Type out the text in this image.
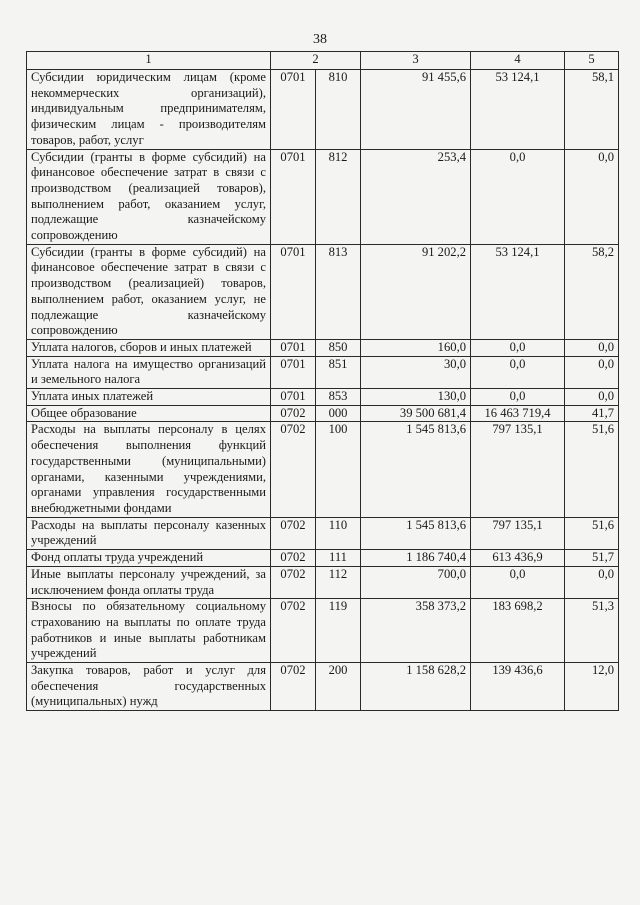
38
1	2		3	4	5
Субсидии юридическим лицам (кроме некоммерческих организаций), индивидуальным предпринимателям, физическим лицам - производителям товаров, работ, услуг	0701	810	91 455,6	53 124,1	58,1
Субсидии (гранты в форме субсидий) на финансовое обеспечение затрат в связи с производством (реализацией товаров), выполнением работ, оказанием услуг, подлежащие казначейскому сопровождению	0701	812	253,4	0,0	0,0
Субсидии (гранты в форме субсидий) на финансовое обеспечение затрат в связи с производством (реализацией) товаров, выполнением работ, оказанием услуг, не подлежащие казначейскому сопровождению	0701	813	91 202,2	53 124,1	58,2
Уплата налогов, сборов и иных платежей	0701	850	160,0	0,0	0,0
Уплата налога на имущество организаций и земельного налога	0701	851	30,0	0,0	0,0
Уплата иных платежей	0701	853	130,0	0,0	0,0
Общее образование	0702	000	39 500 681,4	16 463 719,4	41,7
Расходы на выплаты персоналу в целях обеспечения выполнения функций государственными (муниципальными) органами, казенными учреждениями, органами управления государственными внебюджетными фондами	0702	100	1 545 813,6	797 135,1	51,6
Расходы на выплаты персоналу казенных учреждений	0702	110	1 545 813,6	797 135,1	51,6
Фонд оплаты труда учреждений	0702	111	1 186 740,4	613 436,9	51,7
Иные выплаты персоналу учреждений, за исключением фонда оплаты труда	0702	112	700,0	0,0	0,0
Взносы по обязательному социальному страхованию на выплаты по оплате труда работников и иные выплаты работникам учреждений	0702	119	358 373,2	183 698,2	51,3
Закупка товаров, работ и услуг для обеспечения государственных (муниципальных) нужд	0702	200	1 158 628,2	139 436,6	12,0
